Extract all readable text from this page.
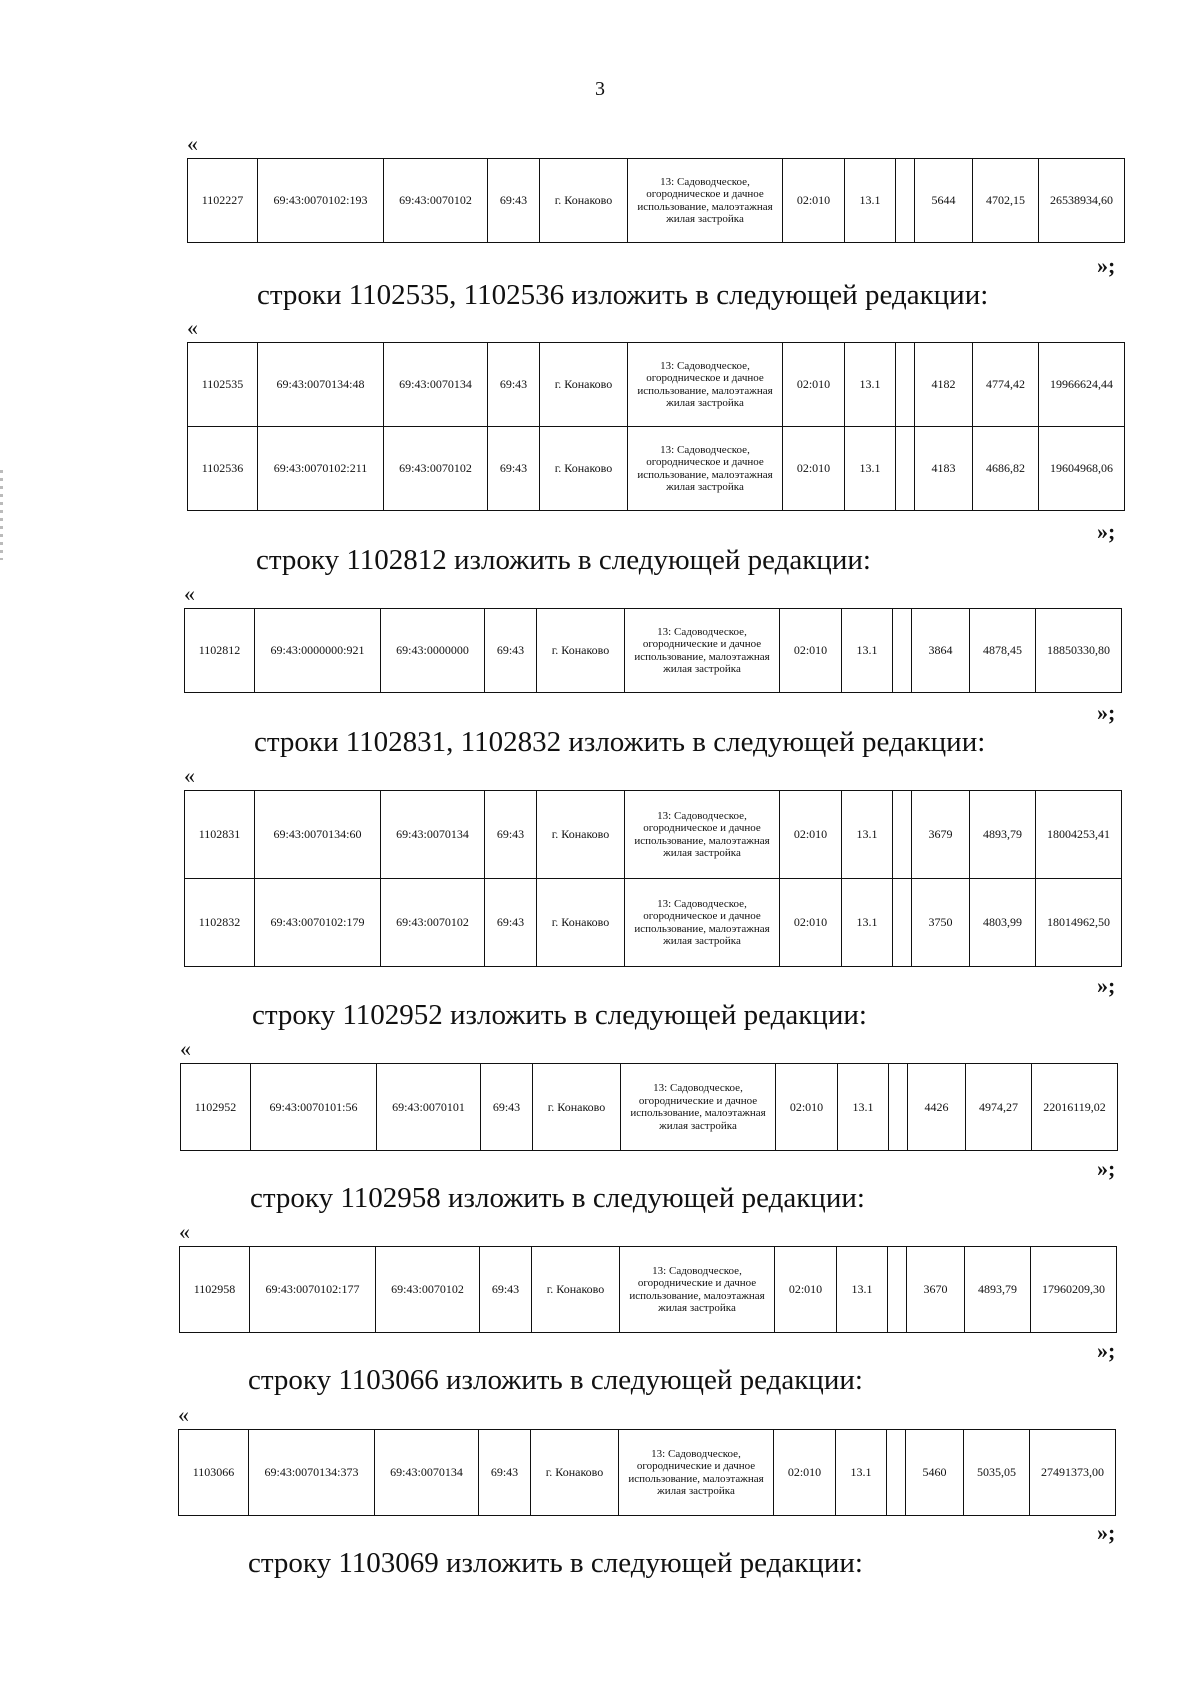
3
«
1102227	69:43:0070102:193	69:43:0070102	69:43	г. Конаково	13: Садоводческое, огородническое и дачное использование, малоэтажная жилая застройка	02:010	13.1		5644	4702,15	26538934,60
»;
строки 1102535, 1102536 изложить в следующей редакции:
«
1102535	69:43:0070134:48	69:43:0070134	69:43	г. Конаково	13: Садоводческое, огородническое и дачное использование, малоэтажная жилая застройка	02:010	13.1		4182	4774,42	19966624,44
1102536	69:43:0070102:211	69:43:0070102	69:43	г. Конаково	13: Садоводческое, огородническое и дачное использование, малоэтажная жилая застройка	02:010	13.1		4183	4686,82	19604968,06
»;
строку 1102812 изложить в следующей редакции:
«
1102812	69:43:0000000:921	69:43:0000000	69:43	г. Конаково	13: Садоводческое, огороднические и дачное использование, малоэтажная жилая застройка	02:010	13.1		3864	4878,45	18850330,80
»;
строки 1102831, 1102832 изложить в следующей редакции:
«
1102831	69:43:0070134:60	69:43:0070134	69:43	г. Конаково	13: Садоводческое, огородническое и дачное использование, малоэтажная жилая застройка	02:010	13.1		3679	4893,79	18004253,41
1102832	69:43:0070102:179	69:43:0070102	69:43	г. Конаково	13: Садоводческое, огородническое и дачное использование, малоэтажная жилая застройка	02:010	13.1		3750	4803,99	18014962,50
»;
строку 1102952 изложить в следующей редакции:
«
1102952	69:43:0070101:56	69:43:0070101	69:43	г. Конаково	13: Садоводческое, огороднические и дачное использование, малоэтажная жилая застройка	02:010	13.1		4426	4974,27	22016119,02
»;
строку 1102958 изложить в следующей редакции:
«
1102958	69:43:0070102:177	69:43:0070102	69:43	г. Конаково	13: Садоводческое, огороднические и дачное использование, малоэтажная жилая застройка	02:010	13.1		3670	4893,79	17960209,30
»;
строку 1103066 изложить в следующей редакции:
«
1103066	69:43:0070134:373	69:43:0070134	69:43	г. Конаково	13: Садоводческое, огороднические и дачное использование, малоэтажная жилая застройка	02:010	13.1		5460	5035,05	27491373,00
»;
строку 1103069 изложить в следующей редакции:
